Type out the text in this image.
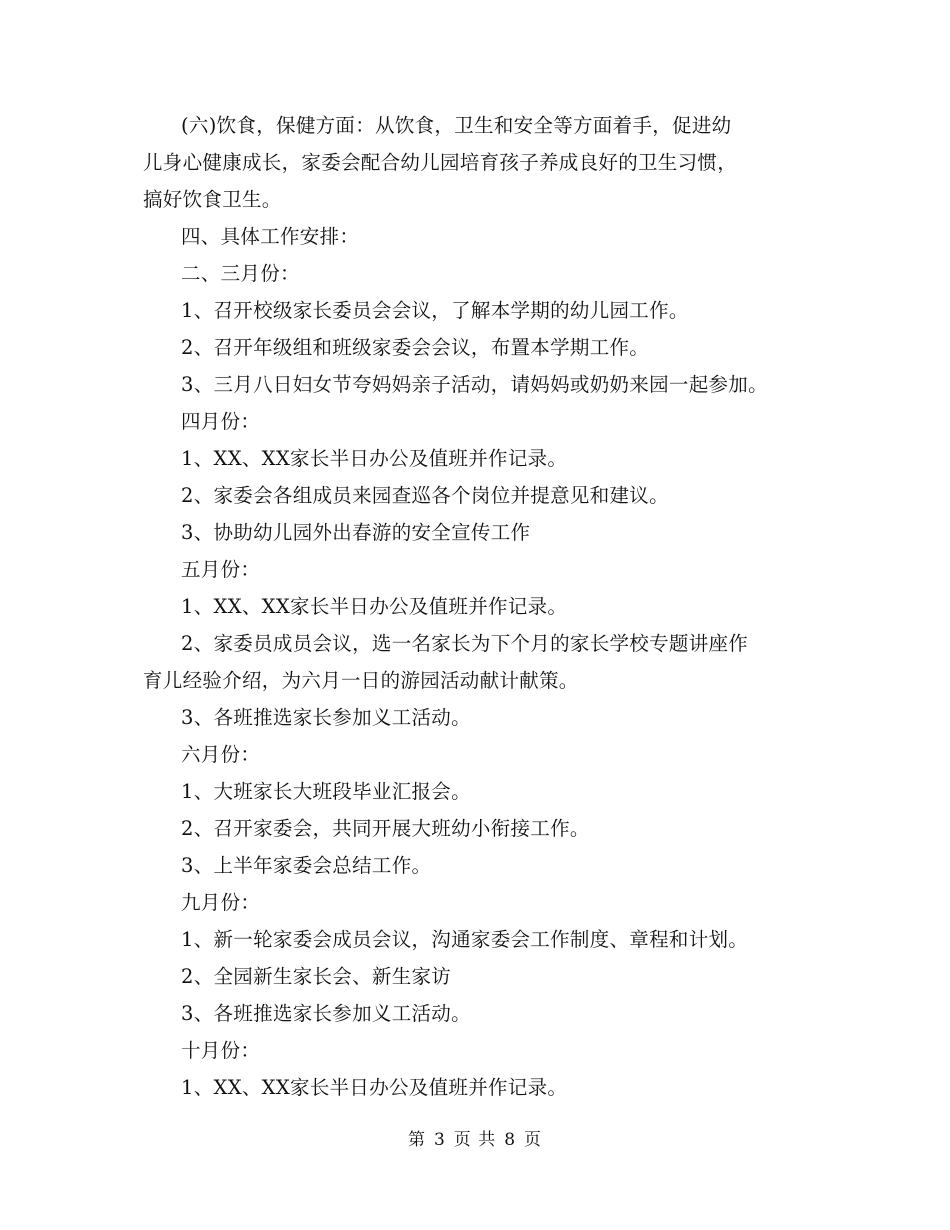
(六)饮食，保健方面：从饮食，卫生和安全等方面着手，促进幼
儿身心健康成长，家委会配合幼儿园培育孩子养成良好的卫生习惯，
搞好饮食卫生。
四、具体工作安排：
二、三月份：
1、召开校级家长委员会会议，了解本学期的幼儿园工作。
2、召开年级组和班级家委会会议，布置本学期工作。
3、三月八日妇女节夸妈妈亲子活动，请妈妈或奶奶来园一起参加。
四月份：
1、XX、XX家长半日办公及值班并作记录。
2、家委会各组成员来园查巡各个岗位并提意见和建议。
3、协助幼儿园外出春游的安全宣传工作
五月份：
1、XX、XX家长半日办公及值班并作记录。
2、家委员成员会议，选一名家长为下个月的家长学校专题讲座作
育儿经验介绍，为六月一日的游园活动献计献策。
3、各班推选家长参加义工活动。
六月份：
1、大班家长大班段毕业汇报会。
2、召开家委会，共同开展大班幼小衔接工作。
3、上半年家委会总结工作。
九月份：
1、新一轮家委会成员会议，沟通家委会工作制度、章程和计划。
2、全园新生家长会、新生家访
3、各班推选家长参加义工活动。
十月份：
1、XX、XX家长半日办公及值班并作记录。
第 3 页 共 8 页
